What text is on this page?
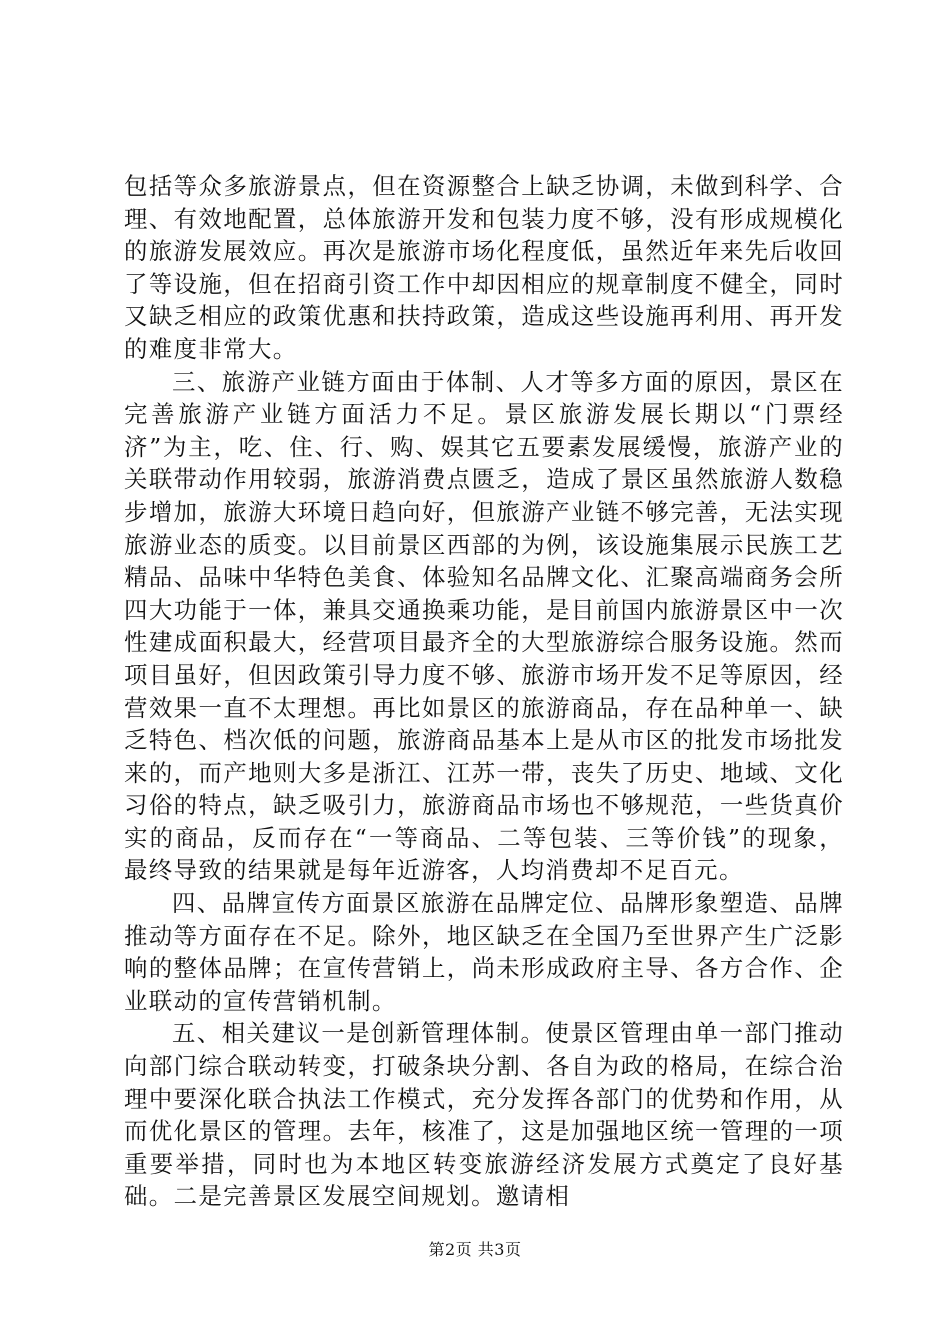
包括等众多旅游景点，但在资源整合上缺乏协调，未做到科学、合理、有效地配置，总体旅游开发和包装力度不够，没有形成规模化的旅游发展效应。再次是旅游市场化程度低，虽然近年来先后收回了等设施，但在招商引资工作中却因相应的规章制度不健全，同时又缺乏相应的政策优惠和扶持政策，造成这些设施再利用、再开发的难度非常大。

三、旅游产业链方面由于体制、人才等多方面的原因，景区在完善旅游产业链方面活力不足。景区旅游发展长期以“门票经济”为主，吃、住、行、购、娱其它五要素发展缓慢，旅游产业的关联带动作用较弱，旅游消费点匮乏，造成了景区虽然旅游人数稳步增加，旅游大环境日趋向好，但旅游产业链不够完善，无法实现旅游业态的质变。以目前景区西部的为例，该设施集展示民族工艺精品、品味中华特色美食、体验知名品牌文化、汇聚高端商务会所四大功能于一体，兼具交通换乘功能，是目前国内旅游景区中一次性建成面积最大，经营项目最齐全的大型旅游综合服务设施。然而项目虽好，但因政策引导力度不够、旅游市场开发不足等原因，经营效果一直不太理想。再比如景区的旅游商品，存在品种单一、缺乏特色、档次低的问题，旅游商品基本上是从市区的批发市场批发来的，而产地则大多是浙江、江苏一带，丧失了历史、地域、文化习俗的特点，缺乏吸引力，旅游商品市场也不够规范，一些货真价实的商品，反而存在“一等商品、二等包装、三等价钱”的现象，最终导致的结果就是每年近游客，人均消费却不足百元。

四、品牌宣传方面景区旅游在品牌定位、品牌形象塑造、品牌推动等方面存在不足。除外，地区缺乏在全国乃至世界产生广泛影响的整体品牌；在宣传营销上，尚未形成政府主导、各方合作、企业联动的宣传营销机制。

五、相关建议一是创新管理体制。使景区管理由单一部门推动向部门综合联动转变，打破条块分割、各自为政的格局，在综合治理中要深化联合执法工作模式，充分发挥各部门的优势和作用，从而优化景区的管理。去年，核准了，这是加强地区统一管理的一项重要举措，同时也为本地区转变旅游经济发展方式奠定了良好基础。二是完善景区发展空间规划。邀请相

第2页 共3页
